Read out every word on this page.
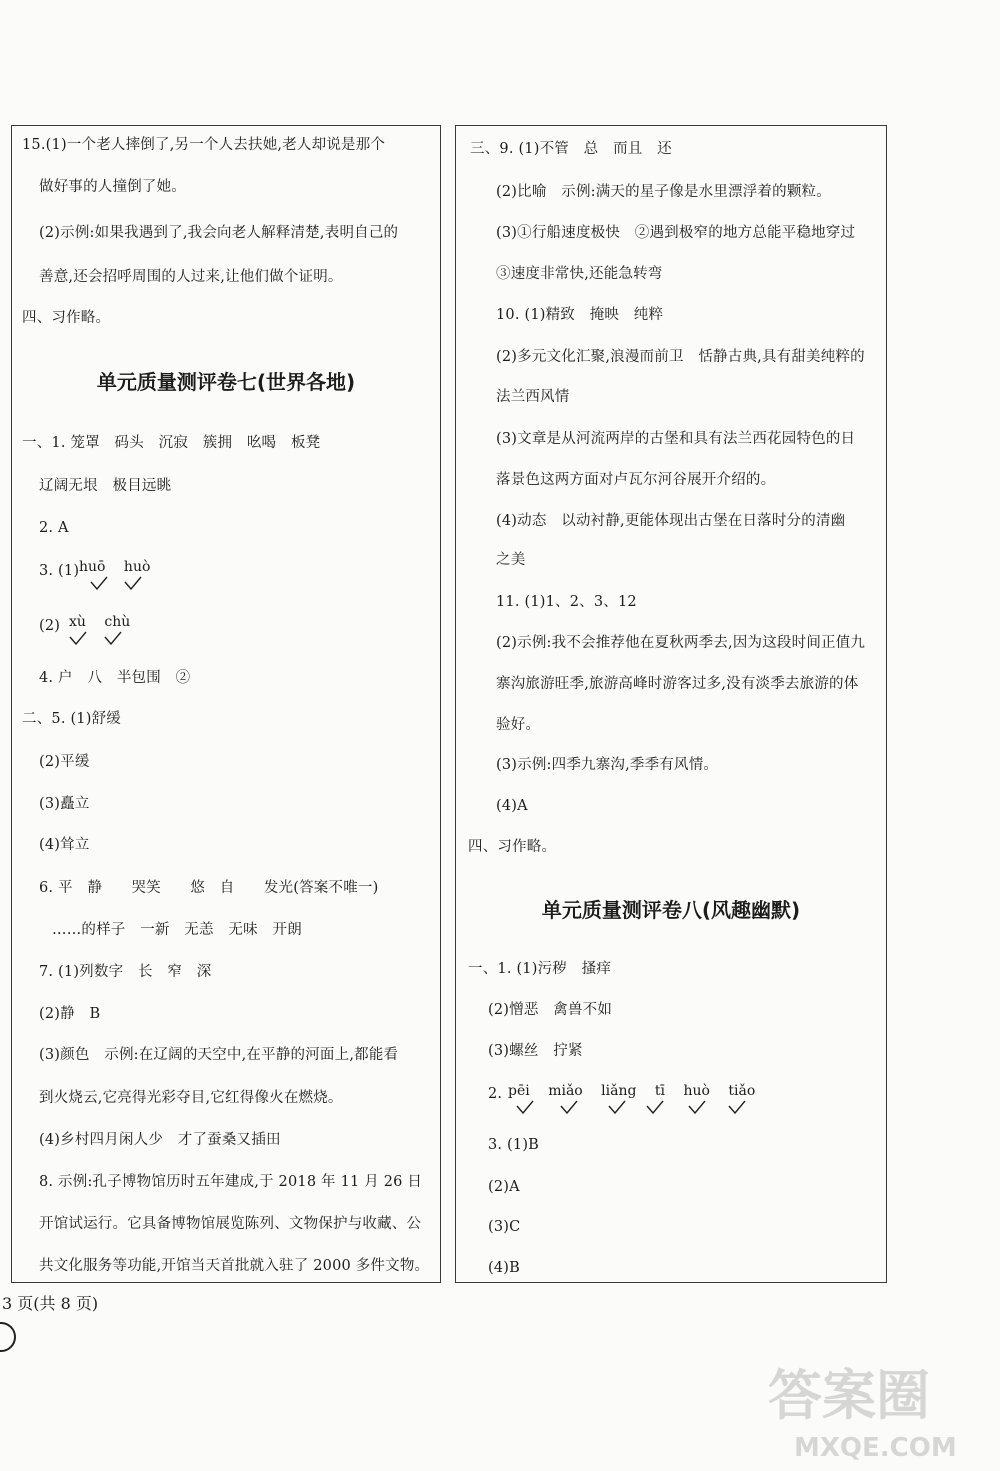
15.(1)一个老人摔倒了,另一个人去扶她,老人却说是那个
做好事的人撞倒了她。
(2)示例:如果我遇到了,我会向老人解释清楚,表明自己的
善意,还会招呼周围的人过来,让他们做个证明。
四、习作略。
单元质量测评卷七(世界各地)
一、1. 笼罩　码头　沉寂　簇拥　吆喝　板凳
辽阔无垠　极目远眺
2. A
3. (1) huō huò
(2) xù chù
4. 户　八　半包围　②
二、5. (1)舒缓
(2)平缓
(3)矗立
(4)耸立
6. 平　静　　哭笑　　悠　自　　发光(答案不唯一)
……的样子　一新　无恙　无味　开朗
7. (1)列数字　长　窄　深
(2)静　B
(3)颜色　示例:在辽阔的天空中,在平静的河面上,都能看
到火烧云,它亮得光彩夺目,它红得像火在燃烧。
(4)乡村四月闲人少　才了蚕桑又插田
8. 示例:孔子博物馆历时五年建成,于 2018 年 11 月 26 日
开馆试运行。它具备博物馆展览陈列、文物保护与收藏、公
共文化服务等功能,开馆当天首批就入驻了 2000 多件文物。
三、9. (1)不管　总　而且　还
(2)比喻　示例:满天的星子像是水里漂浮着的颗粒。
(3)①行船速度极快　②遇到极窄的地方总能平稳地穿过
③速度非常快,还能急转弯
10. (1)精致　掩映　纯粹
(2)多元文化汇聚,浪漫而前卫　恬静古典,具有甜美纯粹的
法兰西风情
(3)文章是从河流两岸的古堡和具有法兰西花园特色的日
落景色这两方面对卢瓦尔河谷展开介绍的。
(4)动态　以动衬静,更能体现出古堡在日落时分的清幽
之美
11. (1)1、2、3、12
(2)示例:我不会推荐他在夏秋两季去,因为这段时间正值九
寨沟旅游旺季,旅游高峰时游客过多,没有淡季去旅游的体
验好。
(3)示例:四季九寨沟,季季有风情。
(4)A
四、习作略。
单元质量测评卷八(风趣幽默)
一、1. (1)污秽　搔痒
(2)憎恶　禽兽不如
(3)螺丝　拧紧
2. pēi miǎo liǎng tī huò tiǎo
3. (1)B
(2)A
(3)C
(4)B
3 页(共 8 页)
答案圈
MXQE.COM
